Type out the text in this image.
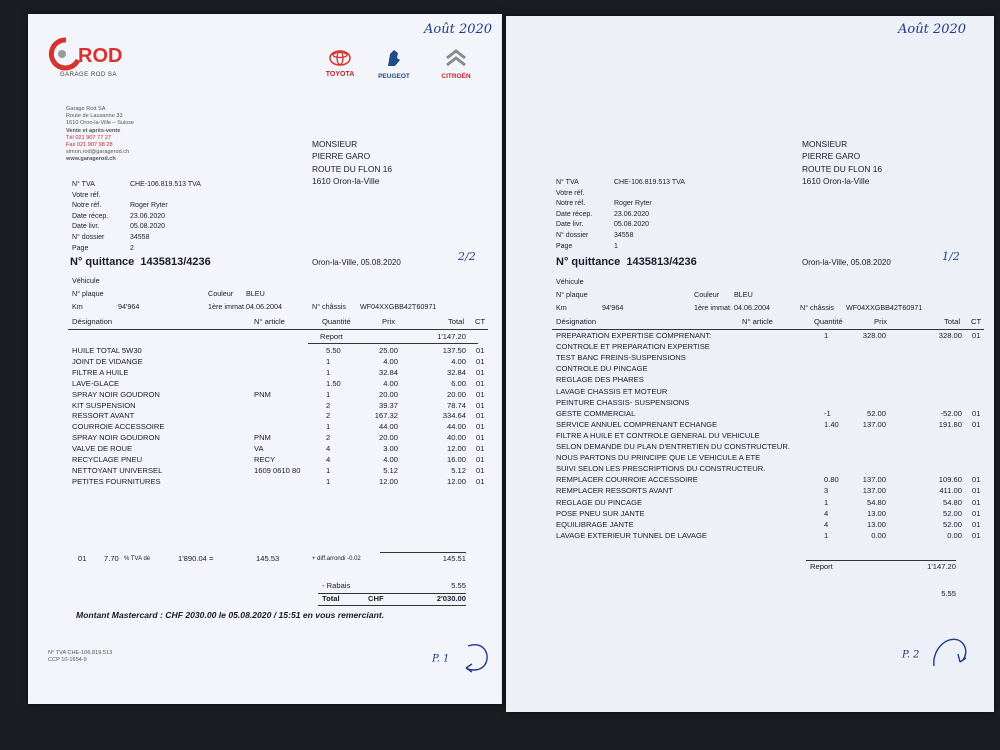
ROD
GARAGE ROD SA	TOYOTA	PEUGEOT	CITROËN
Août 2020
Garage Rod SA
Route de Lausanne 33
1610 Oron-la-Ville – Suisse
Vente et après-vente
Tél 021 907 77 27
Fax 021 907 98 28
simon.rod@garagerod.ch
www.garagerod.ch
MONSIEUR
PIERRE GARO
ROUTE DU FLON 16
1610 Oron-la-Ville
N° TVA	CHE-106.819.513 TVA
Votre réf.
Notre réf.	Roger Ryter
Date récep.	23.06.2020
Date livr.	05.08.2020
N° dossier	34558
Page	2
N° quittance 1435813/4236	Oron-la-Ville, 05.08.2020	2/2
Véhicule
N° plaque	Couleur BLEU
Km	94'964	1ère immat. 04.06.2004	N° châssis WF04XXGBB42T60971
Désignation	N° article	Quantité	Prix	Total CT
Report	1'147.20
HUILE TOTAL 5W30	5.50	25.00	137.50 01
JOINT DE VIDANGE	1	4.00	4.00 01
FILTRE A HUILE	1	32.84	32.84 01
LAVE-GLACE	1.50	4.00	6.00 01
SPRAY NOIR GOUDRON	PNM	1	20.00	20.00 01
KIT SUSPENSION	2	39.37	78.74 01
RESSORT AVANT	2	167.32	334.64 01
COURROIE ACCESSOIRE	1	44.00	44.00 01
SPRAY NOIR GOUDRON	PNM	2	20.00	40.00 01
VALVE DE ROUE	VA	4	3.00	12.00 01
RECYCLAGE PNEU	RECY	4	4.00	16.00 01
NETTOYANT UNIVERSEL	1609 0610 80	1	5.12	5.12 01
PETITES FOURNITURES	1	12.00	12.00 01
01 7.70 % TVA de	1'890.04 =	145.53	+ diff.arrondi -0.02	145.51
- Rabais	5.55
Total	CHF	2'030.00
Montant Mastercard : CHF 2030.00 le 05.08.2020 / 15:51 en vous remerciant.
N° TVA CHE-106.819.513
CCP 10-1654-9	P. 1
Août 2020
MONSIEUR
PIERRE GARO
ROUTE DU FLON 16
1610 Oron-la-Ville
N° TVA	CHE-106.819.513 TVA
Votre réf.
Notre réf.	Roger Ryter
Date récep.	23.06.2020
Date livr.	05.08.2020
N° dossier	34558
Page	1
N° quittance 1435813/4236	Oron-la-Ville, 05.08.2020	1/2
Véhicule
N° plaque	Couleur BLEU
Km	94'964	1ère immat. 04.06.2004	N° châssis WF04XXGBB42T60971
Désignation	N° article	Quantité	Prix	Total CT
PREPARATION EXPERTISE COMPRENANT:	1	328.00	328.00 01
CONTROLE ET PREPARATION EXPERTISE
TEST BANC FREINS-SUSPENSIONS
CONTROLE DU PINCAGE
REGLAGE DES PHARES
LAVAGE CHASSIS ET MOTEUR
PEINTURE CHASSIS- SUSPENSIONS
GESTE COMMERCIAL	-1	52.00	-52.00 01
SERVICE ANNUEL COMPRENANT ECHANGE	1.40	137.00	191.80 01
FILTRE A HUILE ET CONTROLE GENERAL DU VEHICULE
SELON DEMANDE DU PLAN D'ENTRETIEN DU CONSTRUCTEUR.
NOUS PARTONS DU PRINCIPE QUE LE VEHICULE A ETE
SUIVI SELON LES PRESCRIPTIONS DU CONSTRUCTEUR.
REMPLACER COURROIE ACCESSOIRE	0.80	137.00	109.60 01
REMPLACER RESSORTS AVANT	3	137.00	411.00 01
REGLAGE DU PINCAGE	1	54.80	54.80 01
POSE PNEU SUR JANTE	4	13.00	52.00 01
EQUILIBRAGE JANTE	4	13.00	52.00 01
LAVAGE EXTERIEUR TUNNEL DE LAVAGE	1	0.00	0.00 01
Report	1'147.20
5.55
P. 2
